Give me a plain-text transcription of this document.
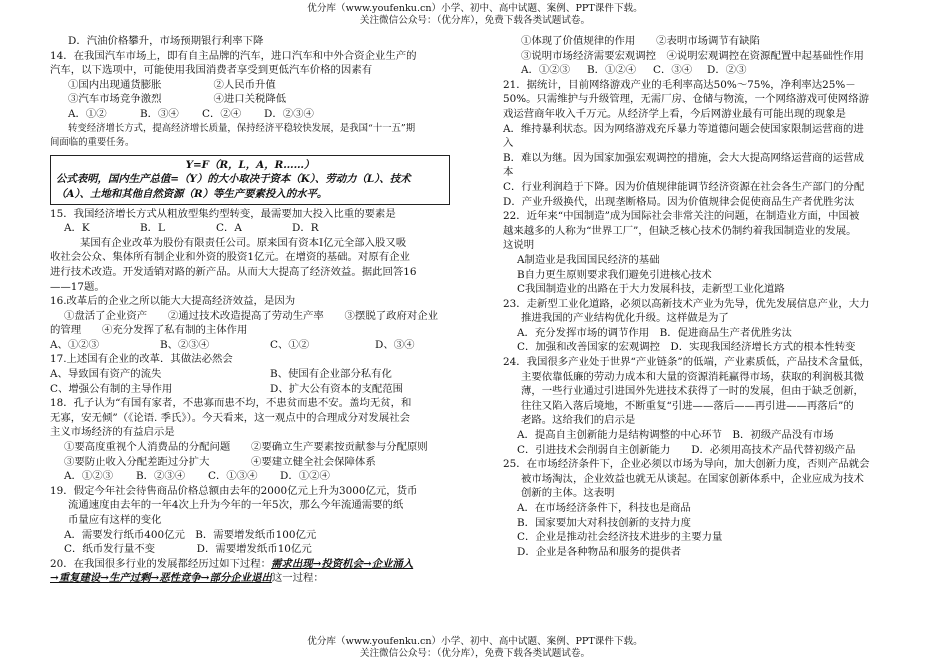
优分库（www.youfenku.cn）小学、初中、高中试题、案例、PPT课件下载。
关注微信公众号：（优分库），免费下载各类试题试卷。
D．汽油价格攀升，市场预期银行利率下降
14．在我国汽车市场上，即有自主品牌的汽车，进口汽车和中外合资企业生产的
汽车，以下选项中，可能使用我国消费者享受到更低汽车价格的因素有
①国内出现通货膨胀　　　　　②人民币升值
③汽车市场竞争激烈　　　　　④进口关税降低
A．①②	B．③④	C．②④	D．②③④
转变经济增长方式，提高经济增长质量，保持经济平稳较快发展，是我国“十一五”期
间面临的重要任务。
Y=F（R，L，A，R……）
公式表明，国内生产总值=（Y）的大小取决于资本（K）、劳动力（L）、技术
（A）、土地和其他自然资源（R）等生产要素投入的水平。
15．我国经济增长方式从粗放型集约型转变，最需要加大投入比重的要素是
A．K	B．L	C．A	D．R
某国有企业改革为股份有限责任公司。原来国有资本Ⅰ亿元全部入股又吸
收社会公众、集体所有制企业和外资的股资1亿元。在增资的基础。对原有企业
进行技术改造。开发适销对路的新产品。从而大大提高了经济效益。据此回答16
——17题。
16.改革后的企业之所以能大大提高经济效益，是因为
①盘活了企业资产　　②通过技术改造提高了劳动生产率　　③摆脱了政府对企业
的管理　　④充分发挥了私有制的主体作用
A、①②③	B、②③④	C、①②	D、③④
17.上述国有企业的改革．其做法必然会
A、导致国有资产的流失	B、使国有企业部分私有化
C、增强公有制的主导作用	D、扩大公有资本的支配范围
18．孔子认为“有国有家者，不患寡而患不均，不患贫而患不安。盖均无贫，和
无寡，安无倾”（《论语. 季氏》）。今天看来，这一观点中的合理成分对发展社会
主义市场经济的有益启示是
①要高度重视个人消费品的分配问题　　②要确立生产要素按贡献参与分配原则
③要防止收入分配差距过分扩大　　　　④要建立健全社会保障体系
A．①②③	B．②③④	C．①③④	D．①②④
19．假定今年社会待售商品价格总额由去年的2000亿元上升为3000亿元，货币
流通速度由去年的一年4次上升为今年的一年5次，那么今年流通需要的纸
币量应有这样的变化
A．需要发行纸币400亿元　B．需要增发纸币100亿元
C．纸币发行量不变　　　　D．需要增发纸币10亿元
20．在我国很多行业的发展都经历过如下过程：需求出现→投资机会→企业涌入
→重复建设→生产过剩→恶性竞争→部分企业退出这一过程：
①体现了价值规律的作用　　②表明市场调节有缺陷
③说明市场经济需要宏观调控　④说明宏观调控在资源配置中起基础性作用
A．①②③	B．①②④	C．③④	D．②③
21．据统计，目前网络游戏产业的毛利率高达50%～75%，净利率达25%－
50%。只需维护与升级管理，无需厂房、仓储与物流，一个网络游戏可使网络游
戏运营商年收入千万元。从经济学上看，今后网游业最有可能出现的现象是
A．维持暴利状态。因为网络游戏充斥暴力等道德问题会使国家限制运营商的进
入
B．难以为继。因为国家加强宏观调控的措施，会大大提高网络运营商的运营成
本
C．行业利润趋于下降。因为价值规律能调节经济资源在社会各生产部门的分配
D．产业升级换代，出现垄断格局。因为价值规律会促使商品生产者优胜劣汰
22．近年来“中国制造”成为国际社会非常关注的问题，在制造业方面，中国被
越来越多的人称为“世界工厂”，但缺乏核心技术仍制约着我国制造业的发展。
这说明
A制造业是我国国民经济的基础
B自力更生原则要求我们避免引进核心技术
C我国制造业的出路在于大力发展科技，走新型工业化道路
23．走新型工业化道路，必须以高新技术产业为先导，优先发展信息产业，大力
推进我国的产业结构优化升级。这样做是为了
A．充分发挥市场的调节作用　B．促进商品生产者优胜劣汰
C．加强和改善国家的宏观调控　D．实现我国经济增长方式的根本性转变
24．我国很多产业处于世界“产业链条”的低端，产业素质低，产品技术含量低，
主要依靠低廉的劳动力成本和大量的资源消耗赢得市场，获取的利润极其微
薄，一些行业通过引进国外先进技术获得了一时的发展，但由于缺乏创新，
往往又陷入落后境地，不断重复“引进——落后——再引进——再落后”的
老路。这给我们的启示是
A．提高自主创新能力是结构调整的中心环节　B．初级产品没有市场
C．引进技术会削弱自主创新能力　　D．必须用高技术产品代替初级产品
25．在市场经济条件下，企业必须以市场为导向，加大创新力度，否则产品就会
被市场淘汰，企业效益也就无从谈起。在国家创新体系中，企业应成为技术
创新的主体。这表明
A．在市场经济条件下，科技也是商品
B．国家要加大对科技创新的支持力度
C．企业是推动社会经济技术进步的主要力量
D．企业是各种物品和服务的提供者
优分库（www.youfenku.cn）小学、初中、高中试题、案例、PPT课件下载。
关注微信公众号：（优分库），免费下载各类试题试卷。
